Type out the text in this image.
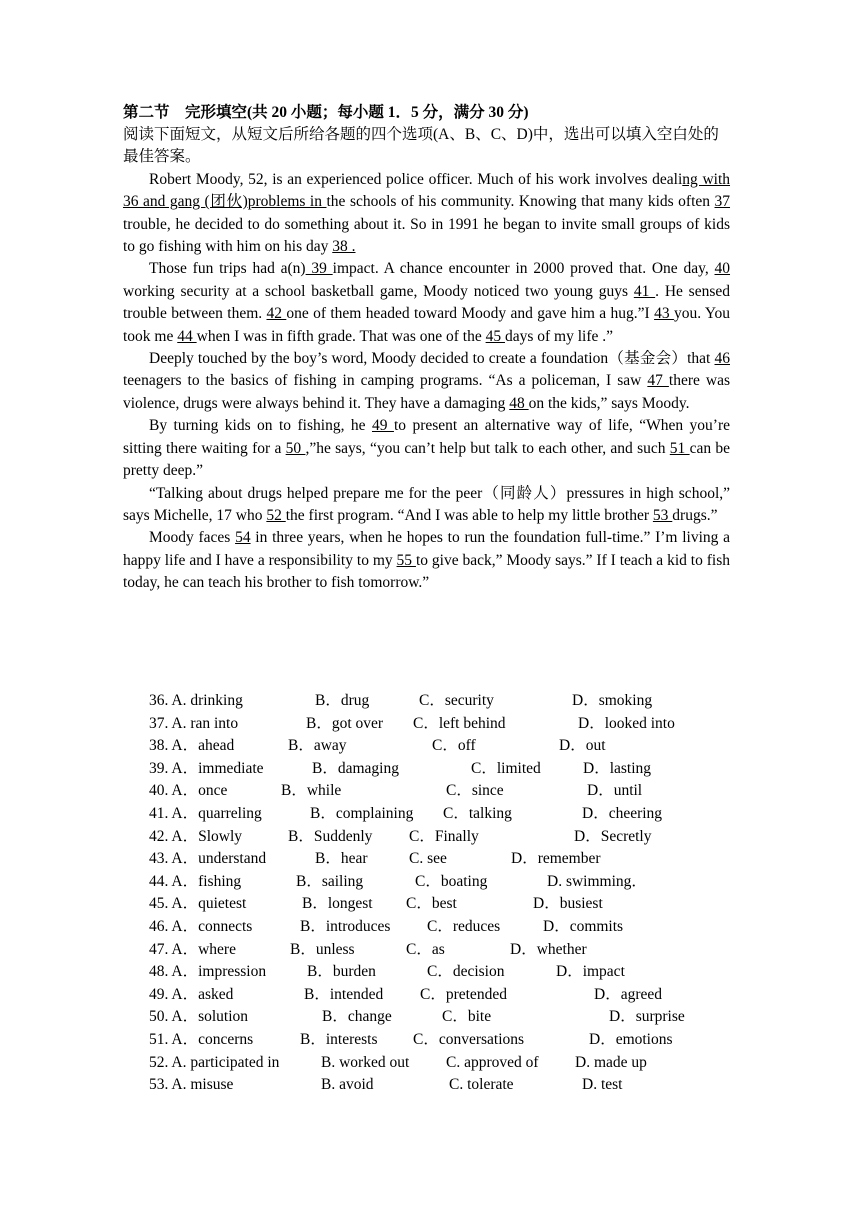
第二节　完形填空(共 20 小题；每小题 1．5 分，满分 30 分)

阅读下面短文，从短文后所给各题的四个选项(A、B、C、D)中，选出可以填入空白处的最佳答案。

Robert Moody, 52, is an experienced police officer. Much of his work involves dealing with 36 and gang (团伙)problems in the schools of his community. Knowing that many kids often 37 trouble, he decided to do something about it. So in 1991 he began to invite small groups of kids to go fishing with him on his day 38 .

Those fun trips had a(n) 39 impact. A chance encounter in 2000 proved that. One day, 40 working security at a school basketball game, Moody noticed two young guys 41 . He sensed trouble between them. 42 one of them headed toward Moody and gave him a hug.”I 43 you. You took me 44 when I was in fifth grade. That was one of the 45 days of my life .”

Deeply touched by the boy’s word, Moody decided to create a foundation（基金会）that 46 teenagers to the basics of fishing in camping programs. “As a policeman, I saw 47 there was violence, drugs were always behind it. They have a damaging 48 on the kids,” says Moody.

By turning kids on to fishing, he 49 to present an alternative way of life, “When you’re sitting there waiting for a 50 ,”he says, “you can’t help but talk to each other, and such 51 can be pretty deep.”

“Talking about drugs helped prepare me for the peer（同龄人）pressures in high school,” says Michelle, 17 who 52 the first program. “And I was able to help my little brother 53 drugs.”

Moody faces 54 in three years, when he hopes to run the foundation full-time.” I’m living a happy life and I have a responsibility to my 55 to give back,” Moody says.” If I teach a kid to fish today, he can teach his brother to fish tomorrow.”

36. A. drinking	B．drug	C．security	D．smoking
37. A. ran into	B．got over C．left behind	D．looked into
38. A．ahead	B．away	C．off	D．out
39. A．immediate	B．damaging	C．limited	D．lasting
40. A．once	B．while	C．since	D．until
41. A．quarreling	B．complaining C．talking	D．cheering
42. A．Slowly	B．Suddenly C．Finally	D．Secretly
43. A．understand	B．hear	C. see	D．remember
44. A．fishing	B．sailing	C．boating	D. swimming．
45. A．quietest	B．longest C．best	D．busiest
46. A．connects	B．introduces C．reduces	D．commits
47. A．where	B．unless	C．as	D．whether
48. A．impression	B．burden	C．decision	D．impact
49. A．asked	B．intended C．pretended	D．agreed
50. A．solution	B．change	C．bite	D．surprise
51. A．concerns	B．interests C．conversations	D．emotions
52. A. participated in	B. worked out C. approved of D. made up
53. A. misuse	B. avoid	C. tolerate	D. test
